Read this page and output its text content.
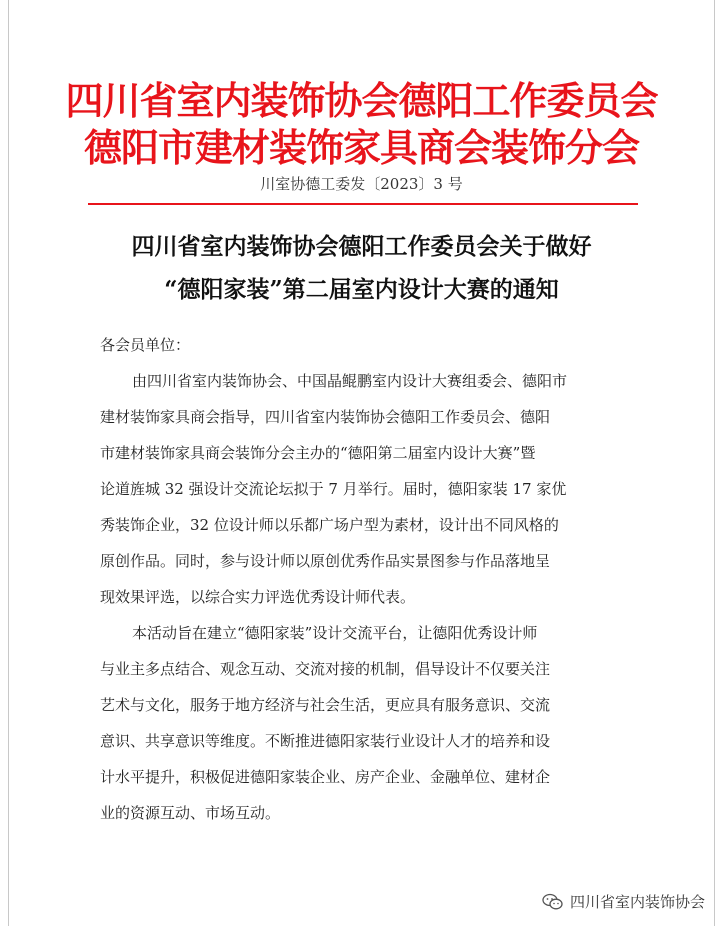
四川省室内装饰协会德阳工作委员会
德阳市建材装饰家具商会装饰分会
川室协德工委发〔2023〕3 号
四川省室内装饰协会德阳工作委员会关于做好
“德阳家装”第二届室内设计大赛的通知
各会员单位：
由四川省室内装饰协会、中国晶鲲鹏室内设计大赛组委会、德阳市
建材装饰家具商会指导，四川省室内装饰协会德阳工作委员会、德阳
市建材装饰家具商会装饰分会主办的“德阳第二届室内设计大赛”暨
论道旌城 32 强设计交流论坛拟于 7 月举行。届时，德阳家装 17 家优
秀装饰企业，32 位设计师以乐都广场户型为素材，设计出不同风格的
原创作品。同时，参与设计师以原创优秀作品实景图参与作品落地呈
现效果评选，以综合实力评选优秀设计师代表。
本活动旨在建立“德阳家装”设计交流平台，让德阳优秀设计师
与业主多点结合、观念互动、交流对接的机制，倡导设计不仅要关注
艺术与文化，服务于地方经济与社会生活，更应具有服务意识、交流
意识、共享意识等维度。不断推进德阳家装行业设计人才的培养和设
计水平提升，积极促进德阳家装企业、房产企业、金融单位、建材企
业的资源互动、市场互动。
四川省室内装饰协会
